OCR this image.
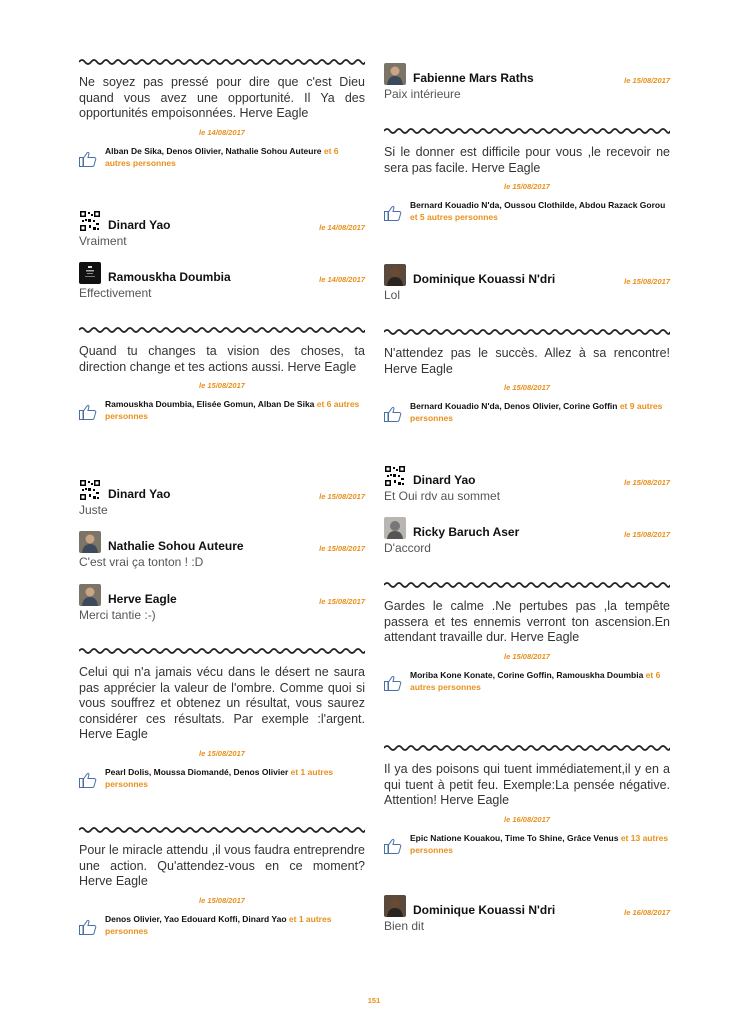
Ne soyez pas pressé pour dire que c'est Dieu quand vous avez une opportunité. Il Ya des opportunités empoisonnées. Herve Eagle

le 14/08/2017
Alban De Sika, Denos Olivier, Nathalie Sohou Auteure et 6 autres personnes
Dinard Yao	le 14/08/2017
Vraiment
Ramouskha Doumbia	le 14/08/2017
Effectivement

Quand tu changes ta vision des choses, ta direction change et tes actions aussi. Herve Eagle

le 15/08/2017
Ramouskha Doumbia, Elisée Gomun, Alban De Sika et 6 autres personnes
Dinard Yao	le 15/08/2017
Juste
Nathalie Sohou Auteure	le 15/08/2017
C'est vrai ça tonton ! :D
Herve Eagle	le 15/08/2017
Merci tantie :-)

Celui qui n'a jamais vécu dans le désert ne saura pas apprécier la valeur de l'ombre. Comme quoi si vous souffrez et obtenez un résultat, vous saurez considérer ces résultats. Par exemple :l'argent. Herve Eagle

le 15/08/2017
Pearl Dolis, Moussa Diomandé, Denos Olivier et 1 autres personnes

Pour le miracle attendu ,il vous faudra entreprendre une action. Qu'attendez-vous en ce moment? Herve Eagle

le 15/08/2017
Denos Olivier, Yao Edouard Koffi, Dinard Yao et 1 autres personnes
Fabienne Mars Raths	le 15/08/2017
Paix intérieure

Si le donner est difficile pour vous ,le recevoir ne sera pas facile. Herve Eagle

le 15/08/2017
Bernard Kouadio N'da, Oussou Clothilde, Abdou Razack Gorou et 5 autres personnes
Dominique Kouassi N'dri	le 15/08/2017
Lol

N'attendez pas le succès. Allez à sa rencontre! Herve Eagle

le 15/08/2017
Bernard Kouadio N'da, Denos Olivier, Corine Goffin et 9 autres personnes
Dinard Yao	le 15/08/2017
Et Oui rdv au sommet
Ricky Baruch Aser	le 15/08/2017
D'accord

Gardes le calme .Ne pertubes pas ,la tempête passera et tes ennemis verront ton ascension.En attendant travaille dur. Herve Eagle

le 15/08/2017
Moriba Kone Konate, Corine Goffin, Ramouskha Doumbia et 6 autres personnes

Il ya des poisons qui tuent immédiatement,il y en a qui tuent à petit feu. Exemple:La pensée négative. Attention! Herve Eagle

le 16/08/2017
Epic Natione Kouakou, Time To Shine, Grâce Venus et 13 autres personnes
Dominique Kouassi N'dri	le 16/08/2017
Bien dit
151
